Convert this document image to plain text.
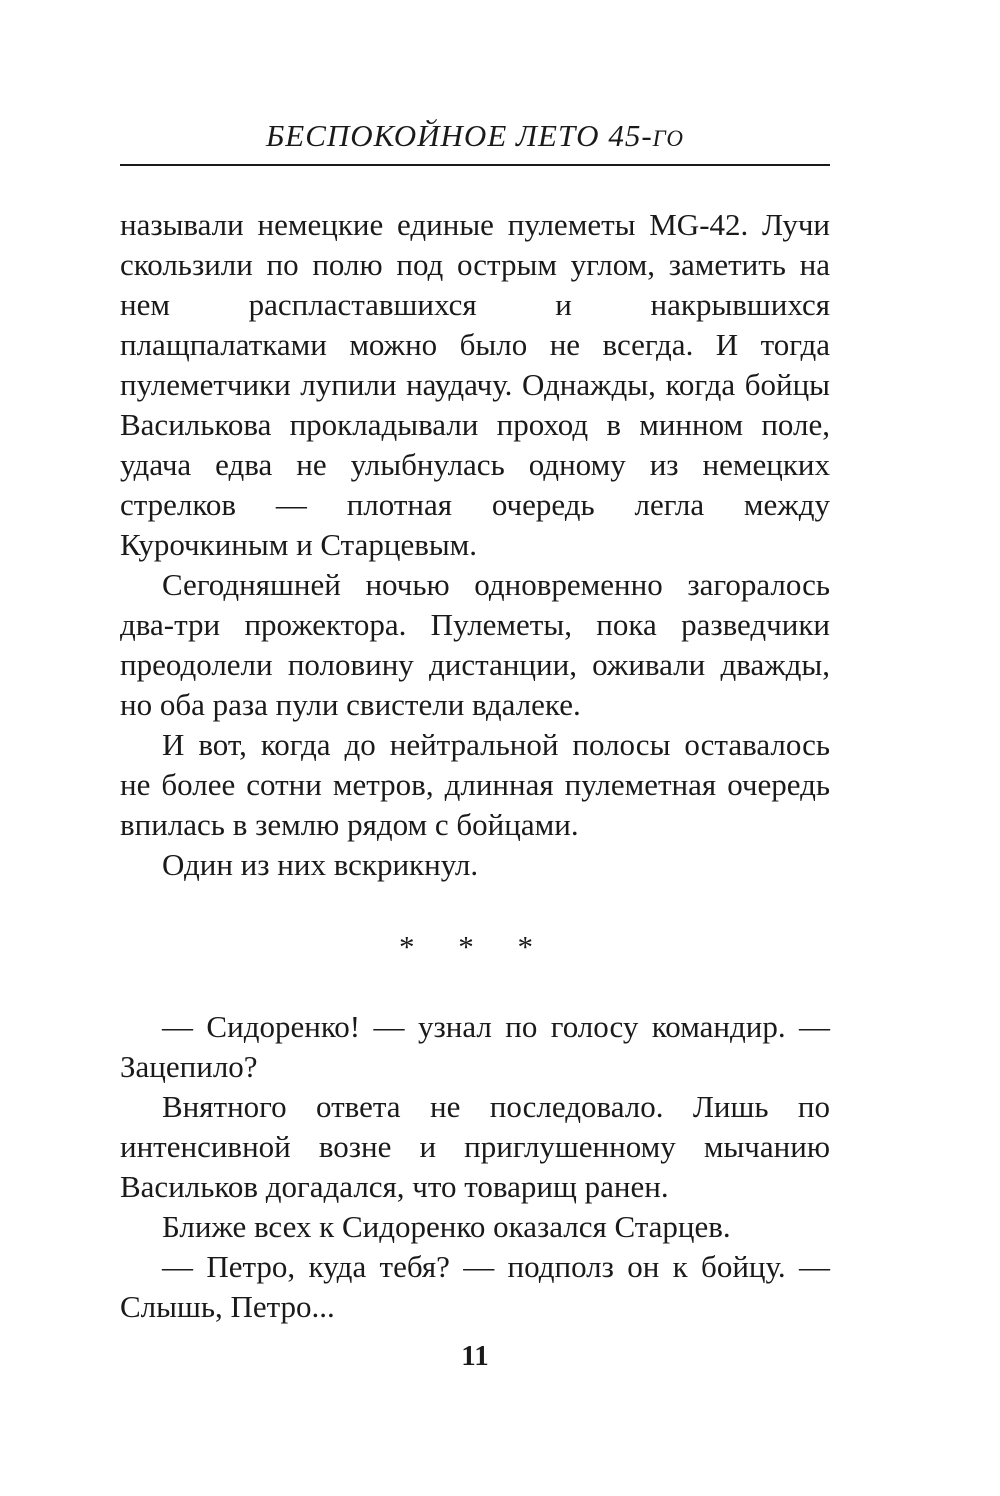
БЕСПОКОЙНОЕ ЛЕТО 45-ГО

называли немецкие единые пулеметы MG-42. Лучи скользили по полю под острым углом, заметить на нем распластавшихся и накрывшихся плащпалатками можно было не всегда. И тогда пулеметчики лупили наудачу. Однажды, когда бойцы Василькова прокладывали проход в минном поле, удача едва не улыбнулась одному из немецких стрелков — плотная очередь легла между Курочкиным и Старцевым.

Сегодняшней ночью одновременно загоралось два-три прожектора. Пулеметы, пока разведчики преодолели половину дистанции, оживали дважды, но оба раза пули свистели вдалеке.

И вот, когда до нейтральной полосы оставалось не более сотни метров, длинная пулеметная очередь впилась в землю рядом с бойцами.

Один из них вскрикнул.

* * *

— Сидоренко! — узнал по голосу командир. — Зацепило?

Внятного ответа не последовало. Лишь по интенсивной возне и приглушенному мычанию Васильков догадался, что товарищ ранен.

Ближе всех к Сидоренко оказался Старцев.

— Петро, куда тебя? — подполз он к бойцу. — Слышь, Петро...

11
